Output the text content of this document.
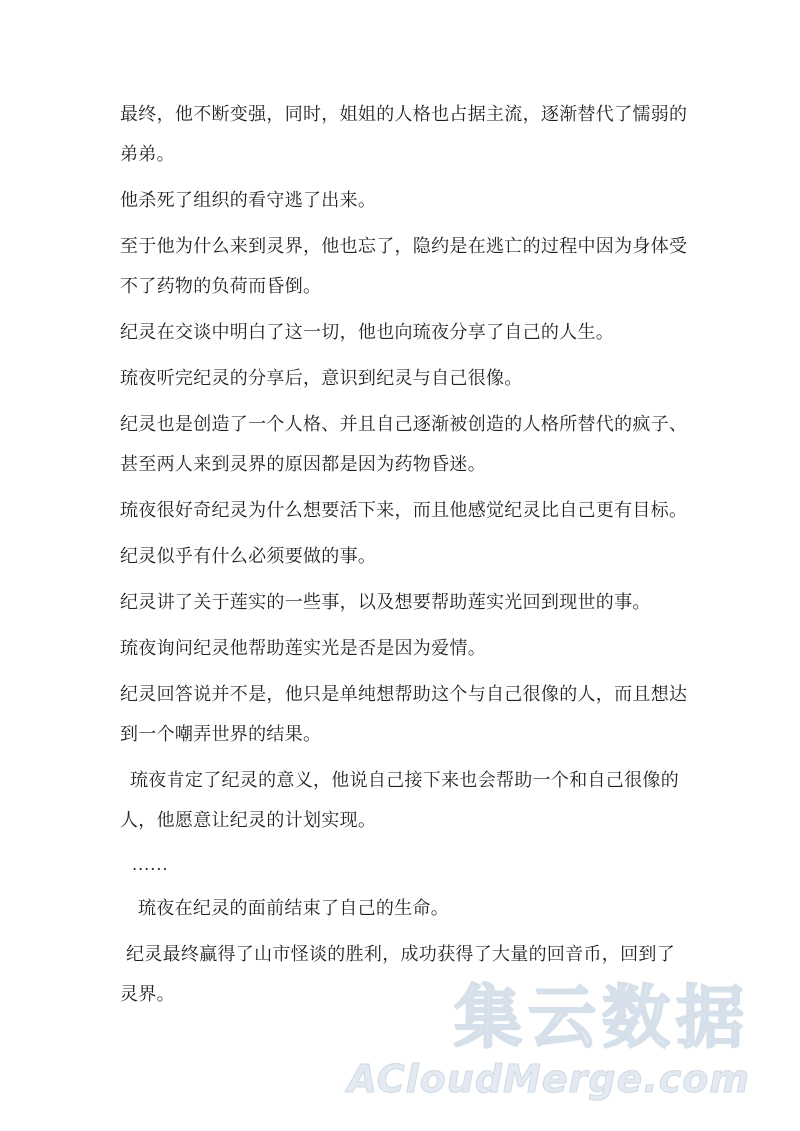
最终，他不断变强，同时，姐姐的人格也占据主流，逐渐替代了懦弱的弟弟。

他杀死了组织的看守逃了出来。

至于他为什么来到灵界，他也忘了，隐约是在逃亡的过程中因为身体受不了药物的负荷而昏倒。

纪灵在交谈中明白了这一切，他也向琉夜分享了自己的人生。

琉夜听完纪灵的分享后，意识到纪灵与自己很像。

纪灵也是创造了一个人格、并且自己逐渐被创造的人格所替代的疯子、甚至两人来到灵界的原因都是因为药物昏迷。

琉夜很好奇纪灵为什么想要活下来，而且他感觉纪灵比自己更有目标。

纪灵似乎有什么必须要做的事。

纪灵讲了关于莲实的一些事，以及想要帮助莲实光回到现世的事。

琉夜询问纪灵他帮助莲实光是否是因为爱情。

纪灵回答说并不是，他只是单纯想帮助这个与自己很像的人，而且想达到一个嘲弄世界的结果。

琉夜肯定了纪灵的意义，他说自己接下来也会帮助一个和自己很像的人，他愿意让纪灵的计划实现。

......

琉夜在纪灵的面前结束了自己的生命。

纪灵最终赢得了山市怪谈的胜利，成功获得了大量的回音币，回到了灵界。	集云数据
ACloudMerge.com
